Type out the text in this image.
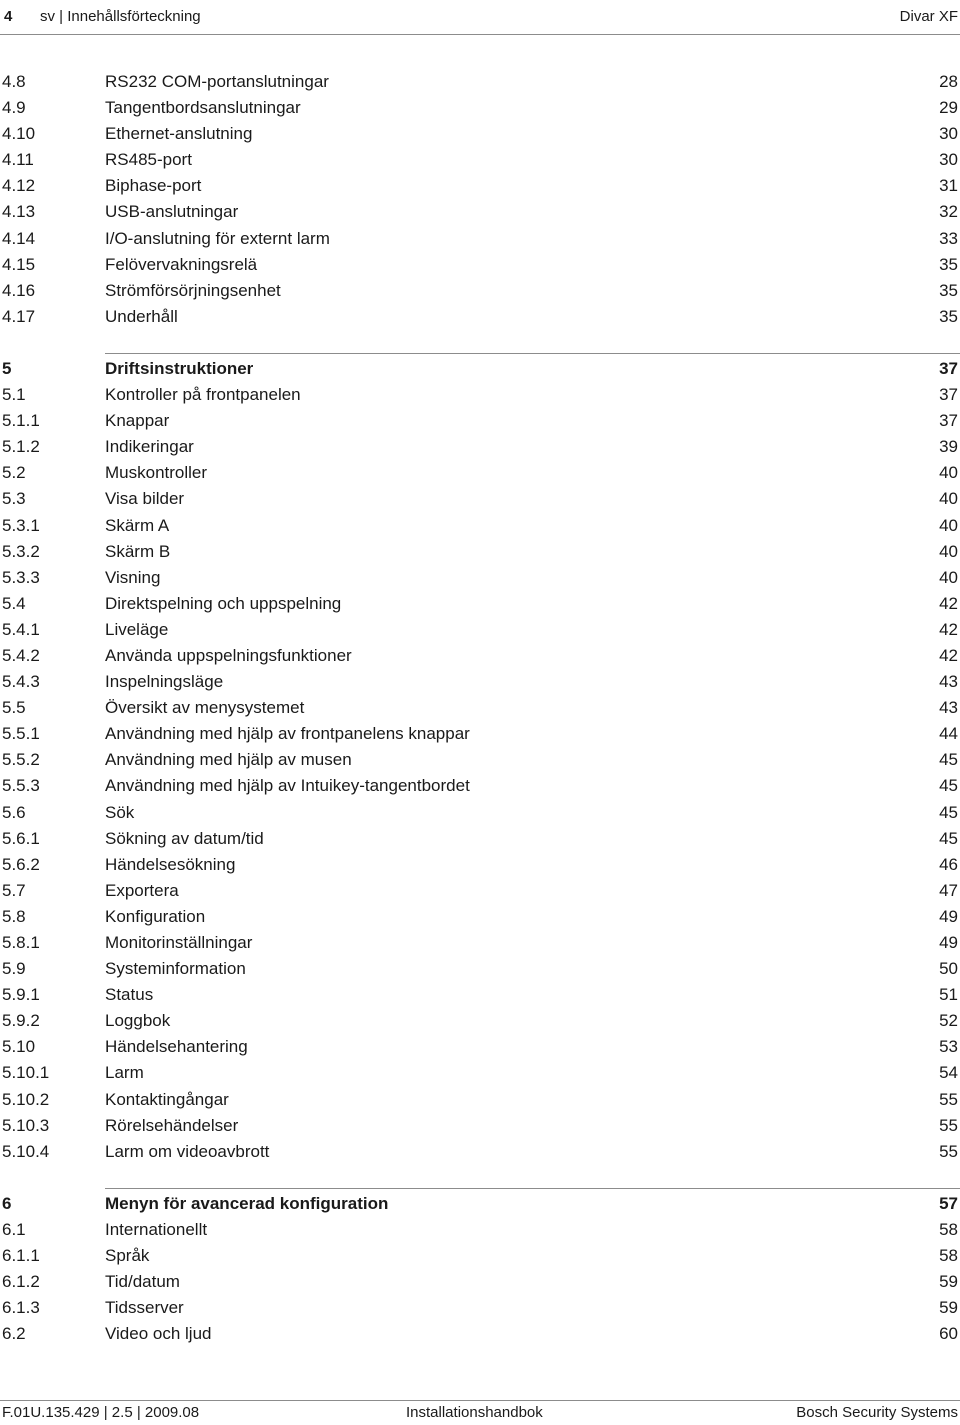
4 sv | Innehållsförteckning	Divar XF
4.8	RS232 COM-portanslutningar	28
4.9	Tangentbordsanslutningar	29
4.10	Ethernet-anslutning	30
4.11	RS485-port	30
4.12	Biphase-port	31
4.13	USB-anslutningar	32
4.14	I/O-anslutning för externt larm	33
4.15	Felövervakningsrelä	35
4.16	Strömförsörjningsenhet	35
4.17	Underhåll	35
5	Driftsinstruktioner	37
5.1	Kontroller på frontpanelen	37
5.1.1	Knappar	37
5.1.2	Indikeringar	39
5.2	Muskontroller	40
5.3	Visa bilder	40
5.3.1	Skärm A	40
5.3.2	Skärm B	40
5.3.3	Visning	40
5.4	Direktspelning och uppspelning	42
5.4.1	Liveläge	42
5.4.2	Använda uppspelningsfunktioner	42
5.4.3	Inspelningsläge	43
5.5	Översikt av menysystemet	43
5.5.1	Användning med hjälp av frontpanelens knappar	44
5.5.2	Användning med hjälp av musen	45
5.5.3	Användning med hjälp av Intuikey-tangentbordet	45
5.6	Sök	45
5.6.1	Sökning av datum/tid	45
5.6.2	Händelsesökning	46
5.7	Exportera	47
5.8	Konfiguration	49
5.8.1	Monitorinställningar	49
5.9	Systeminformation	50
5.9.1	Status	51
5.9.2	Loggbok	52
5.10	Händelsehantering	53
5.10.1	Larm	54
5.10.2	Kontaktingångar	55
5.10.3	Rörelsehändelser	55
5.10.4	Larm om videoavbrott	55
6	Menyn för avancerad konfiguration	57
6.1	Internationellt	58
6.1.1	Språk	58
6.1.2	Tid/datum	59
6.1.3	Tidsserver	59
6.2	Video och ljud	60
F.01U.135.429 | 2.5 | 2009.08	Installationshandbok	Bosch Security Systems
